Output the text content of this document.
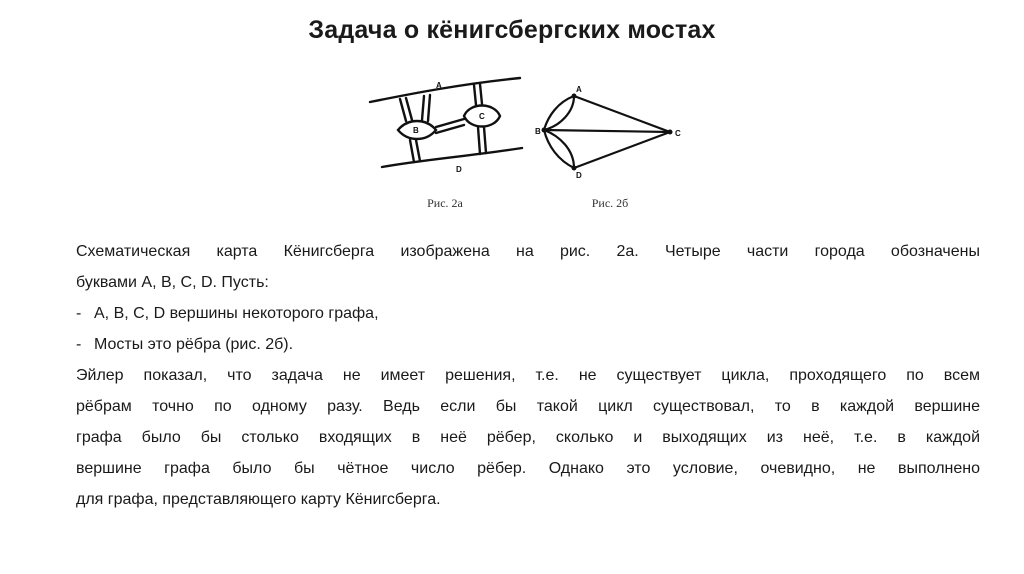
Задача о кёнигсбергских мостах
A
B
C
D
Рис. 2а
A
B	C
D
Рис. 2б

Схематическая карта Кёнигсберга изображена на рис. 2а. Четыре части города обозначены

буквами A, B, C, D. Пусть:

- A, B, C, D вершины некоторого графа,

- Мосты это рёбра (рис. 2б).

Эйлер показал, что задача не имеет решения, т.е. не существует цикла, проходящего по всем

рёбрам точно по одному разу. Ведь если бы такой цикл существовал, то в каждой вершине

графа было бы столько входящих в неё рёбер, сколько и выходящих из неё, т.е. в каждой

вершине графа было бы чётное число рёбер. Однако это условие, очевидно, не выполнено

для графа, представляющего карту Кёнигсберга.
